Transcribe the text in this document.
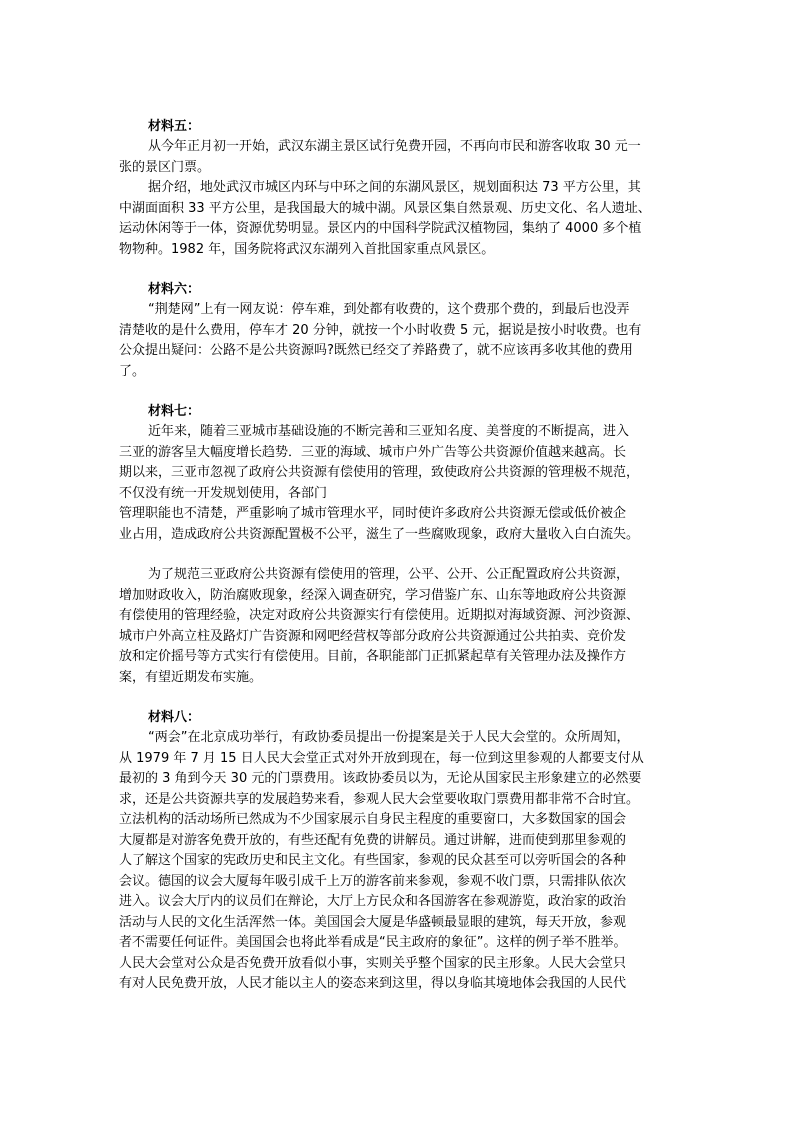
材料五：
从今年正月初一开始，武汉东湖主景区试行免费开园，不再向市民和游客收取 30 元一
张的景区门票。
据介绍，地处武汉市城区内环与中环之间的东湖风景区，规划面积达 73 平方公里，其
中湖面面积 33 平方公里，是我国最大的城中湖。风景区集自然景观、历史文化、名人遗址、
运动休闲等于一体，资源优势明显。景区内的中国科学院武汉植物园，集纳了 4000 多个植
物物种。1982 年，国务院将武汉东湖列入首批国家重点风景区。
材料六：
“荆楚网”上有一网友说：停车难，到处都有收费的，这个费那个费的，到最后也没弄
清楚收的是什么费用，停车才 20 分钟，就按一个小时收费 5 元，据说是按小时收费。也有
公众提出疑问：公路不是公共资源吗?既然已经交了养路费了，就不应该再多收其他的费用
了。
材料七：
近年来，随着三亚城市基础设施的不断完善和三亚知名度、美誉度的不断提高，进入
三亚的游客呈大幅度增长趋势．三亚的海域、城市户外广告等公共资源价值越来越高。长
期以来，三亚市忽视了政府公共资源有偿使用的管理，致使政府公共资源的管理极不规范，
不仅没有统一开发规划使用，各部门
管理职能也不清楚，严重影响了城市管理水平，同时使许多政府公共资源无偿或低价被企
业占用，造成政府公共资源配置极不公平，滋生了一些腐败现象，政府大量收入白白流失。
为了规范三亚政府公共资源有偿使用的管理，公平、公开、公正配置政府公共资源，
增加财政收入，防治腐败现象，经深入调查研究，学习借鉴广东、山东等地政府公共资源
有偿使用的管理经验，决定对政府公共资源实行有偿使用。近期拟对海域资源、河沙资源、
城市户外高立柱及路灯广告资源和网吧经营权等部分政府公共资源通过公共拍卖、竞价发
放和定价摇号等方式实行有偿使用。目前，各职能部门正抓紧起草有关管理办法及操作方
案，有望近期发布实施。
材料八：
“两会”在北京成功举行，有政协委员提出一份提案是关于人民大会堂的。众所周知，
从 1979 年 7 月 15 日人民大会堂正式对外开放到现在，每一位到这里参观的人都要支付从
最初的 3 角到今天 30 元的门票费用。该政协委员以为，无论从国家民主形象建立的必然要
求，还是公共资源共享的发展趋势来看，参观人民大会堂要收取门票费用都非常不合时宜。
立法机构的活动场所已然成为不少国家展示自身民主程度的重要窗口，大多数国家的国会
大厦都是对游客免费开放的，有些还配有免费的讲解员。通过讲解，进而使到那里参观的
人了解这个国家的宪政历史和民主文化。有些国家，参观的民众甚至可以旁听国会的各种
会议。德国的议会大厦每年吸引成千上万的游客前来参观，参观不收门票，只需排队依次
进入。议会大厅内的议员们在辩论，大厅上方民众和各国游客在参观游览，政治家的政治
活动与人民的文化生活浑然一体。美国国会大厦是华盛顿最显眼的建筑，每天开放，参观
者不需要任何证件。美国国会也将此举看成是“民主政府的象征”。这样的例子举不胜举。
人民大会堂对公众是否免费开放看似小事，实则关乎整个国家的民主形象。人民大会堂只
有对人民免费开放，人民才能以主人的姿态来到这里，得以身临其境地体会我国的人民代
